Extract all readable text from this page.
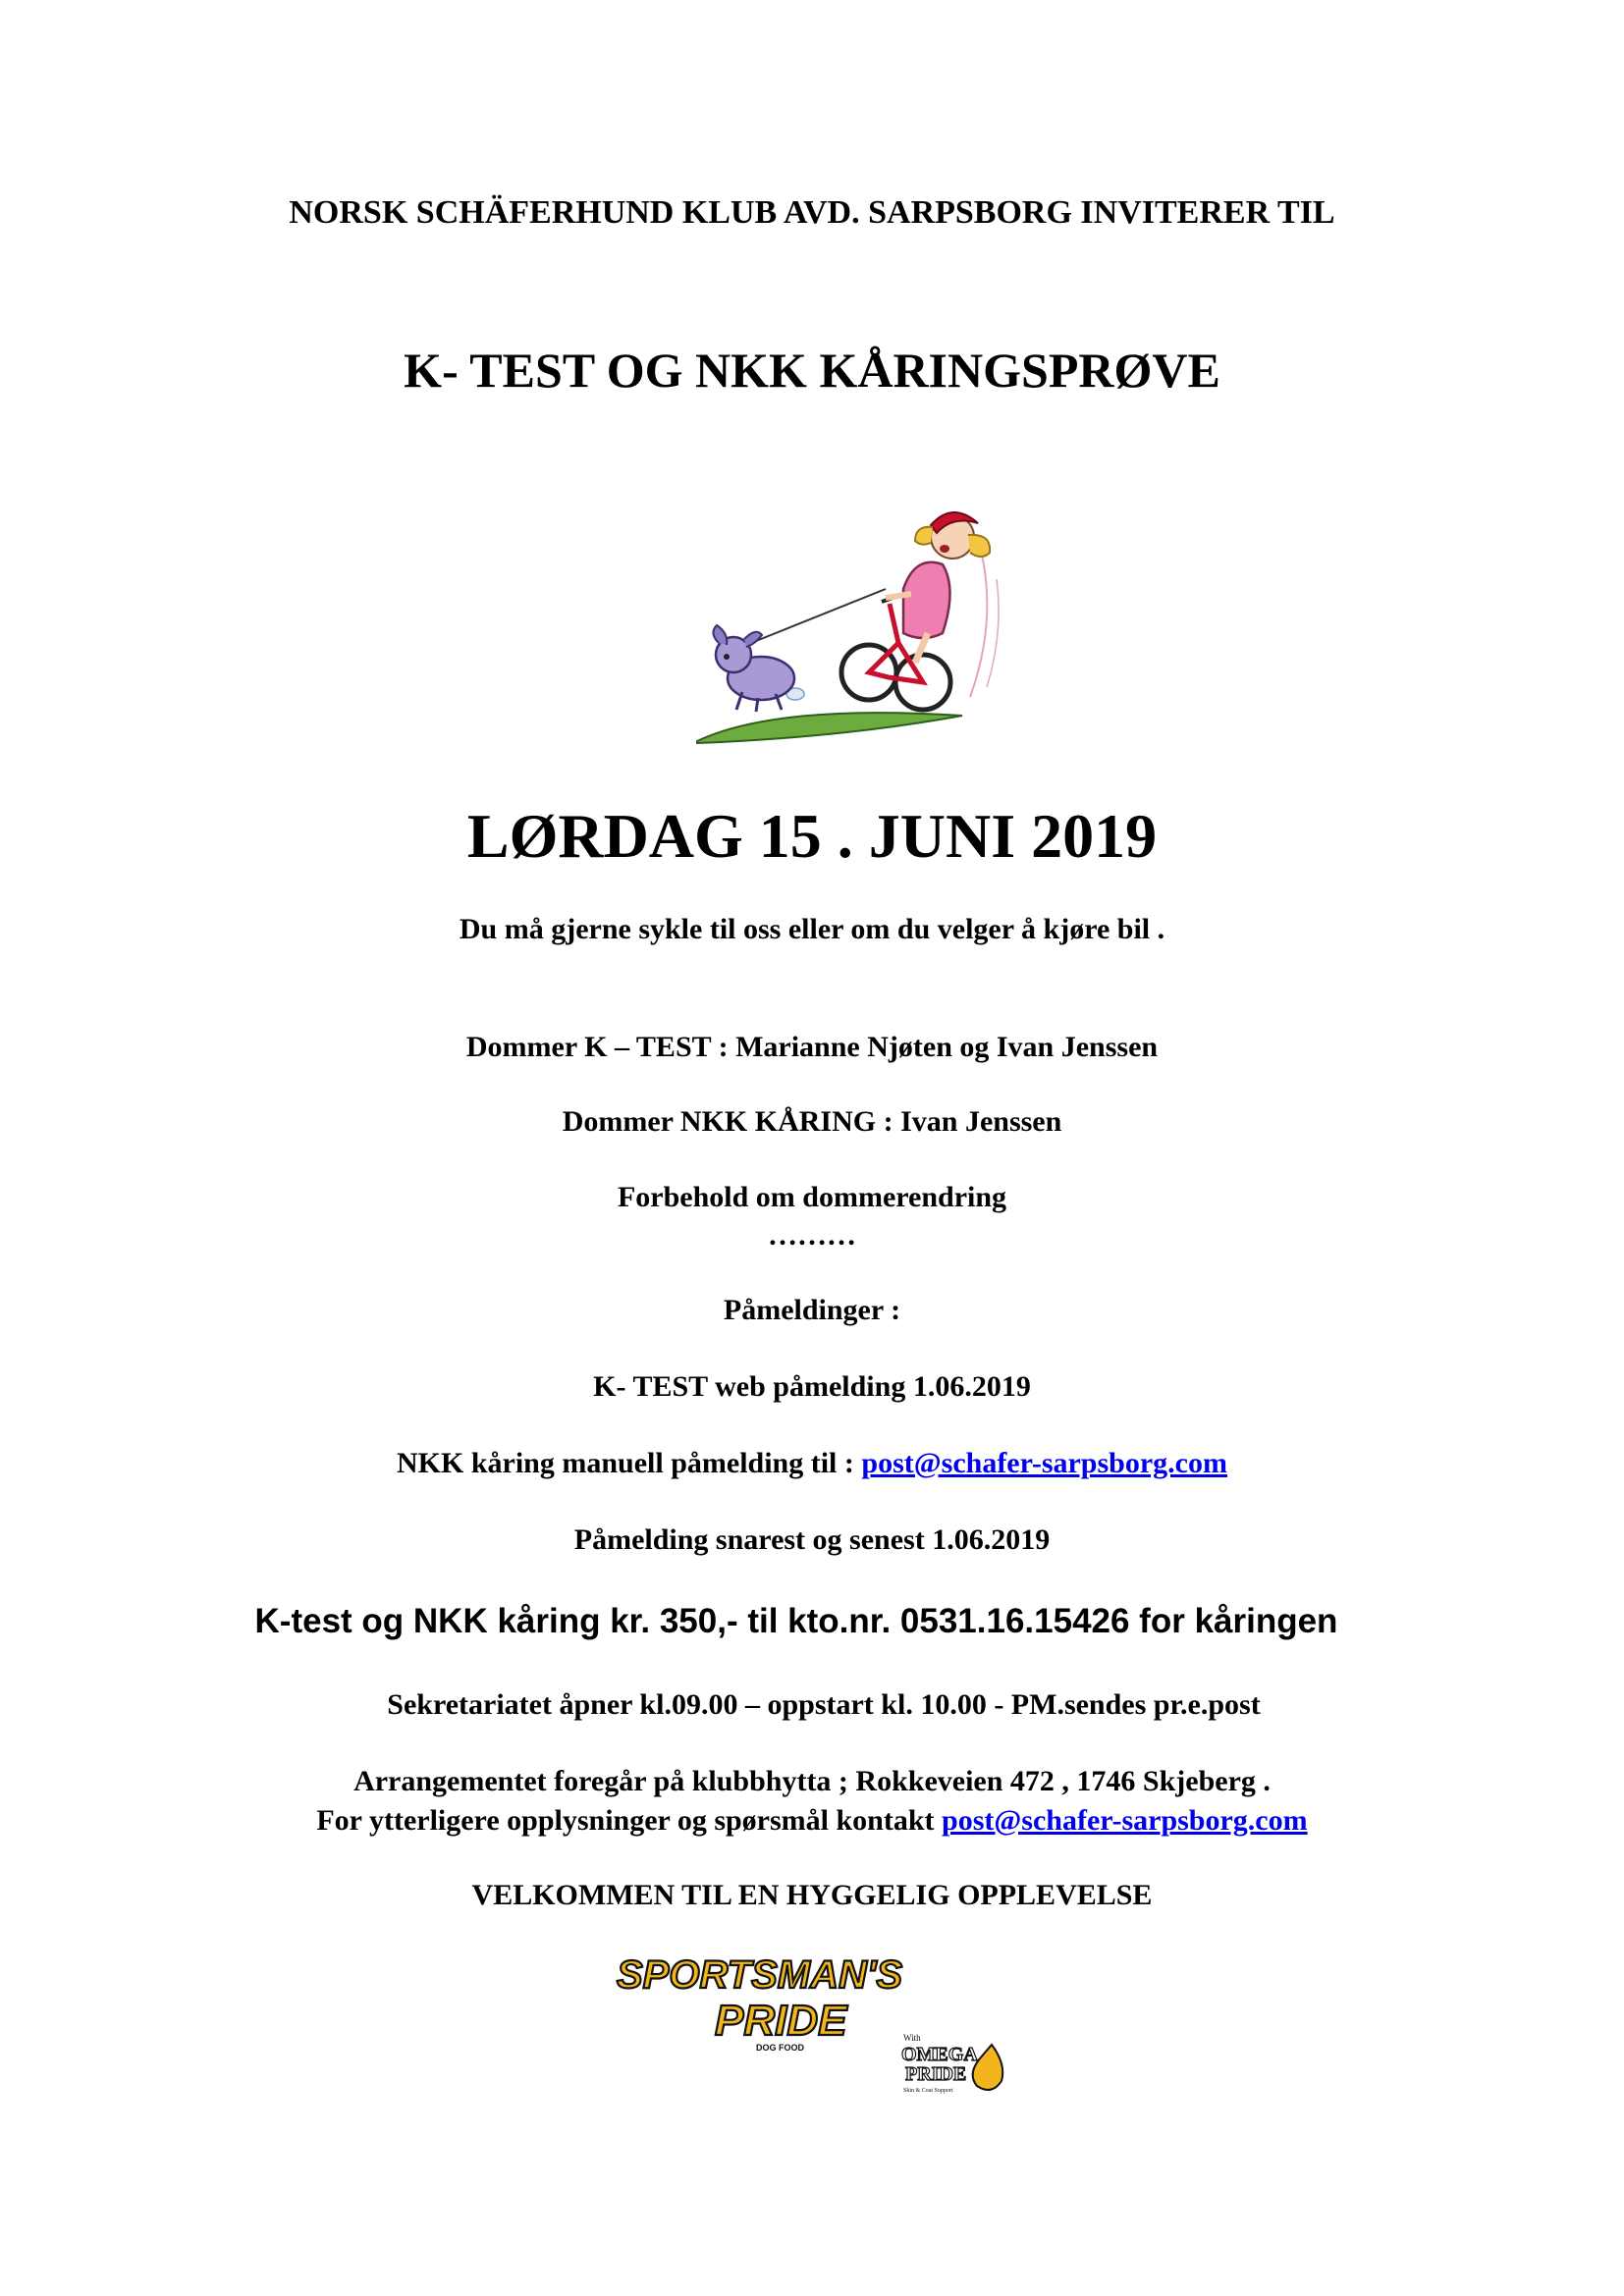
NORSK SCHÄFERHUND KLUB AVD. SARPSBORG INVITERER TIL
K- TEST OG NKK KÅRINGSPRØVE
LØRDAG 15 . JUNI 2019
Du må gjerne sykle til oss eller om du velger å kjøre bil .
Dommer K – TEST : Marianne Njøten og Ivan Jenssen
Dommer NKK KÅRING : Ivan Jenssen
Forbehold om dommerendring
………
Påmeldinger :
K- TEST web påmelding 1.06.2019
NKK kåring manuell påmelding til : post@schafer-sarpsborg.com
Påmelding snarest og senest 1.06.2019
K-test og NKK kåring kr. 350,- til kto.nr. 0531.16.15426 for kåringen
Sekretariatet åpner kl.09.00 – oppstart kl. 10.00 - PM.sendes pr.e.post
Arrangementet foregår på klubbhytta ; Rokkeveien 472 , 1746 Skjeberg .
For ytterligere opplysninger og spørsmål kontakt post@schafer-sarpsborg.com
VELKOMMEN TIL EN HYGGELIG OPPLEVELSE
SPORTSMAN'S
PRIDE
DOG FOOD
With
OMEGA
PRIDE
Skin & Coat Support
